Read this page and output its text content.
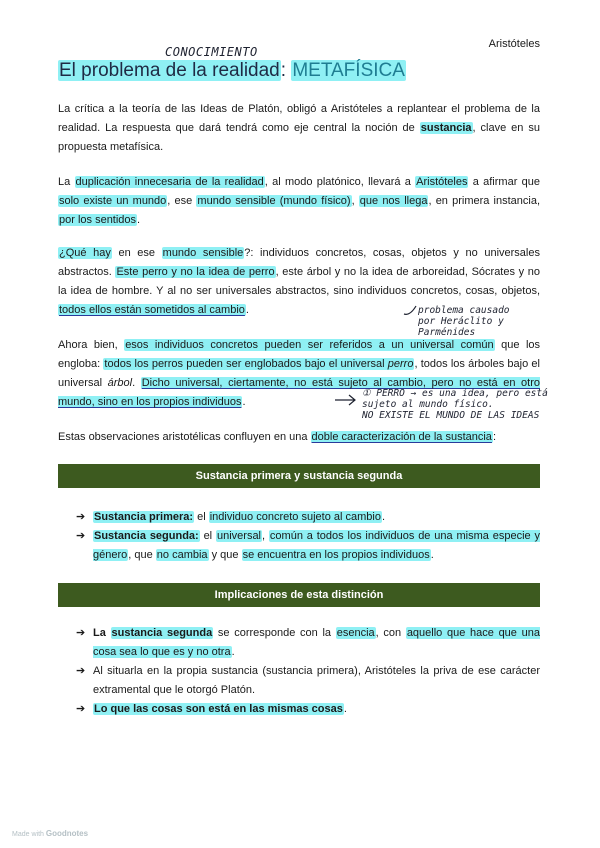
Aristóteles
CONOCIMIENTO
El problema de la realidad: METAFÍSICA

La crítica a la teoría de las Ideas de Platón, obligó a Aristóteles a replantear el problema de la realidad. La respuesta que dará tendrá como eje central la noción de sustancia, clave en su propuesta metafísica.

La duplicación innecesaria de la realidad, al modo platónico, llevará a Aristóteles a afirmar que solo existe un mundo, ese mundo sensible (mundo físico), que nos llega, en primera instancia, por los sentidos.

¿Qué hay en ese mundo sensible?: individuos concretos, cosas, objetos y no universales abstractos. Este perro y no la idea de perro, este árbol y no la idea de arboreidad, Sócrates y no la idea de hombre. Y al no ser universales abstractos, sino individuos concretos, cosas, objetos, todos ellos están sometidos al cambio.	problema causado
por Heráclito y
Parménides

Ahora bien, esos individuos concretos pueden ser referidos a un universal común que los engloba: todos los perros pueden ser englobados bajo el universal perro, todos los árboles bajo el universal árbol. Dicho universal, ciertamente, no está sujeto al cambio, pero no está en otro mundo, sino en los propios individuos.

① PERRO → es una idea, pero está
sujeto al mundo físico.
NO EXISTE EL MUNDO DE LAS IDEAS

Estas observaciones aristotélicas confluyen en una doble caracterización de la sustancia:

Sustancia primera y sustancia segunda
➔ Sustancia primera: el individuo concreto sujeto al cambio.
➔ Sustancia segunda: el universal, común a todos los individuos de una misma especie y género, que no cambia y que se encuentra en los propios individuos.
Implicaciones de esta distinción
➔ La sustancia segunda se corresponde con la esencia, con aquello que hace que una cosa sea lo que es y no otra.
➔ Al situarla en la propia sustancia (sustancia primera), Aristóteles la priva de ese carácter extramental que le otorgó Platón.
➔ Lo que las cosas son está en las mismas cosas.
Made with Goodnotes
